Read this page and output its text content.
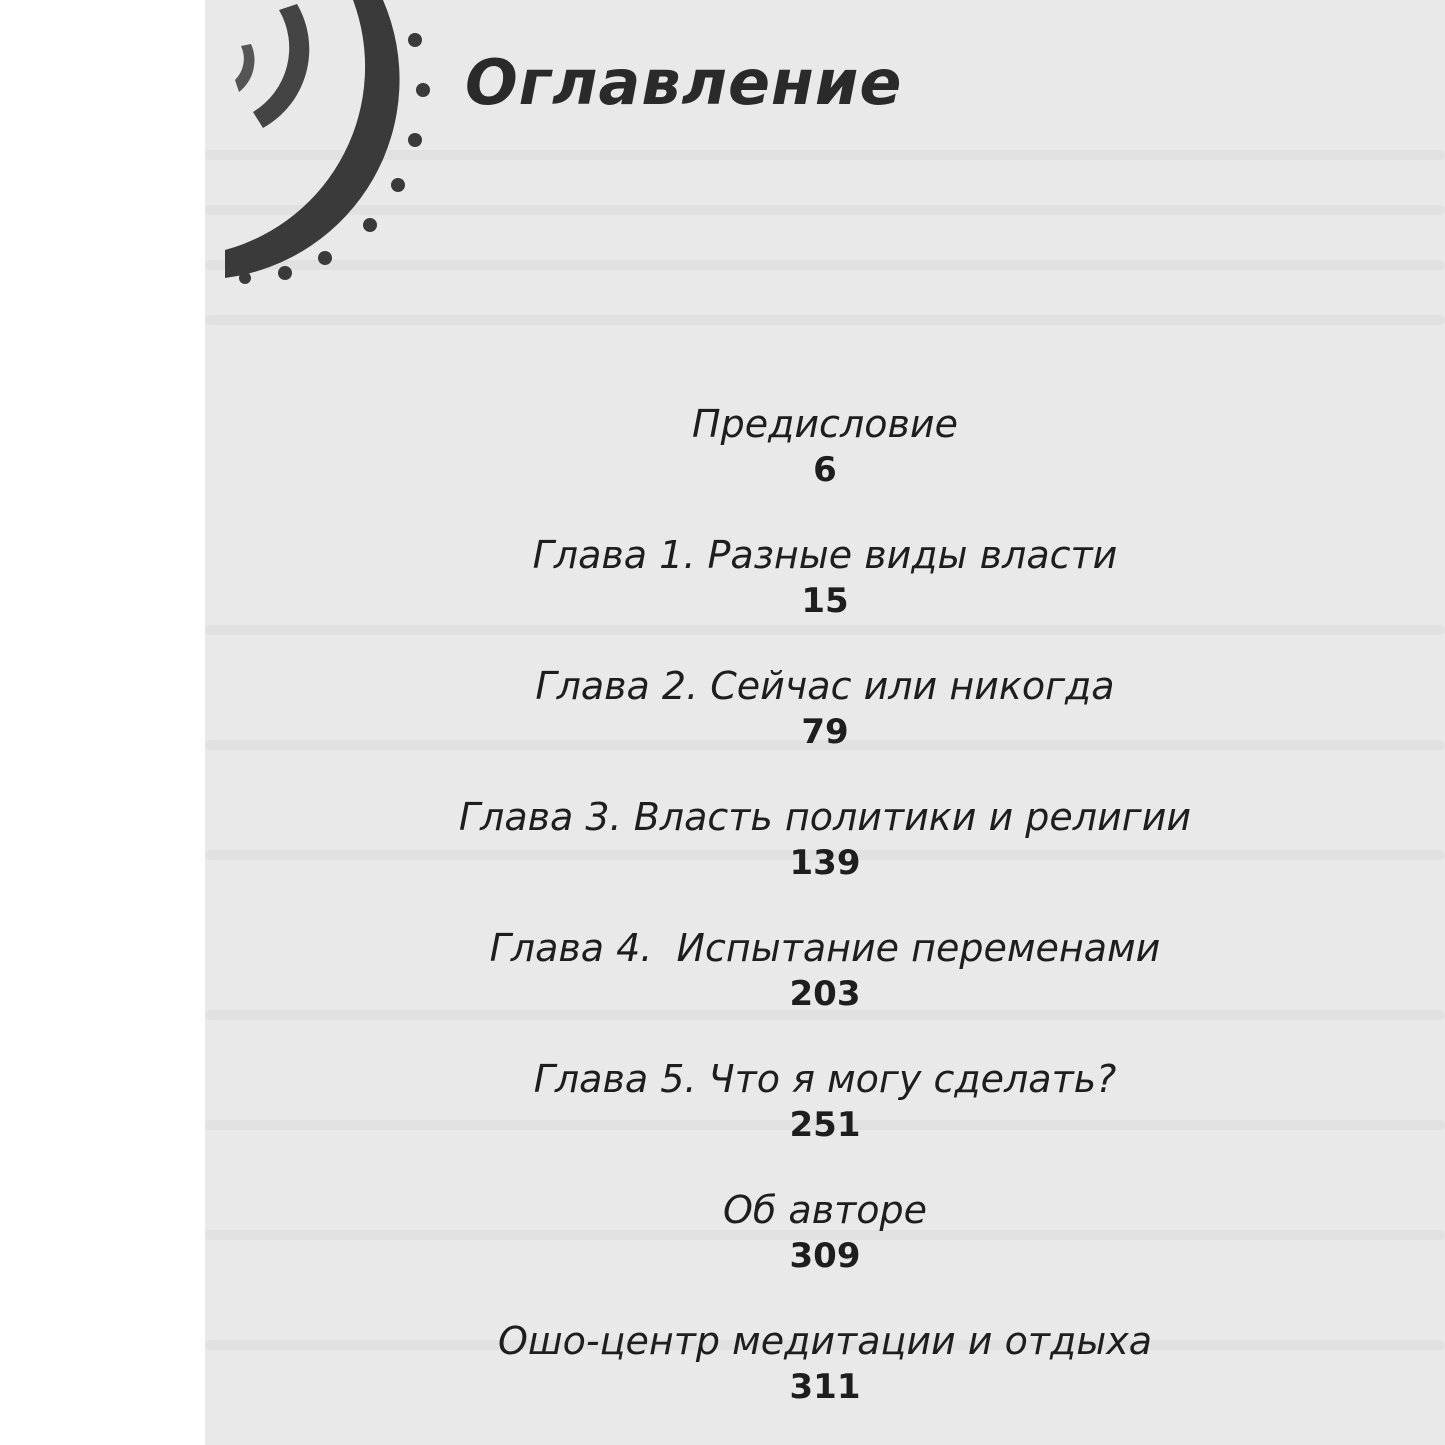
Оглавление
Предисловие
6
Глава 1. Разные виды власти
15
Глава 2. Сейчас или никогда
79
Глава 3. Власть политики и религии
139
Глава 4.  Испытание переменами
203
Глава 5. Что я могу сделать?
251
Об авторе
309
Ошо-центр медитации и отдыха
311
